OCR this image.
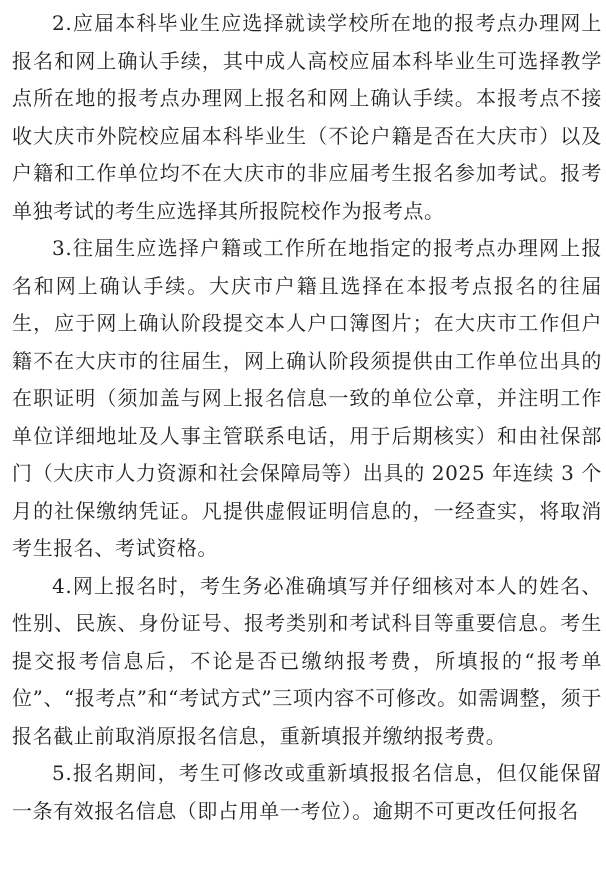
2.应届本科毕业生应选择就读学校所在地的报考点办理网上报名和网上确认手续，其中成人高校应届本科毕业生可选择教学点所在地的报考点办理网上报名和网上确认手续。本报考点不接收大庆市外院校应届本科毕业生（不论户籍是否在大庆市）以及户籍和工作单位均不在大庆市的非应届考生报名参加考试。报考单独考试的考生应选择其所报院校作为报考点。

3.往届生应选择户籍或工作所在地指定的报考点办理网上报名和网上确认手续。大庆市户籍且选择在本报考点报名的往届生，应于网上确认阶段提交本人户口簿图片；在大庆市工作但户籍不在大庆市的往届生，网上确认阶段须提供由工作单位出具的在职证明（须加盖与网上报名信息一致的单位公章，并注明工作单位详细地址及人事主管联系电话，用于后期核实）和由社保部门（大庆市人力资源和社会保障局等）出具的 2025 年连续 3 个月的社保缴纳凭证。凡提供虚假证明信息的，一经查实，将取消考生报名、考试资格。

4.网上报名时，考生务必准确填写并仔细核对本人的姓名、性别、民族、身份证号、报考类别和考试科目等重要信息。考生提交报考信息后，不论是否已缴纳报考费，所填报的“报考单位”、“报考点”和“考试方式”三项内容不可修改。如需调整，须于报名截止前取消原报名信息，重新填报并缴纳报考费。

5.报名期间，考生可修改或重新填报报名信息，但仅能保留一条有效报名信息（即占用单一考位）。逾期不可更改任何报名
